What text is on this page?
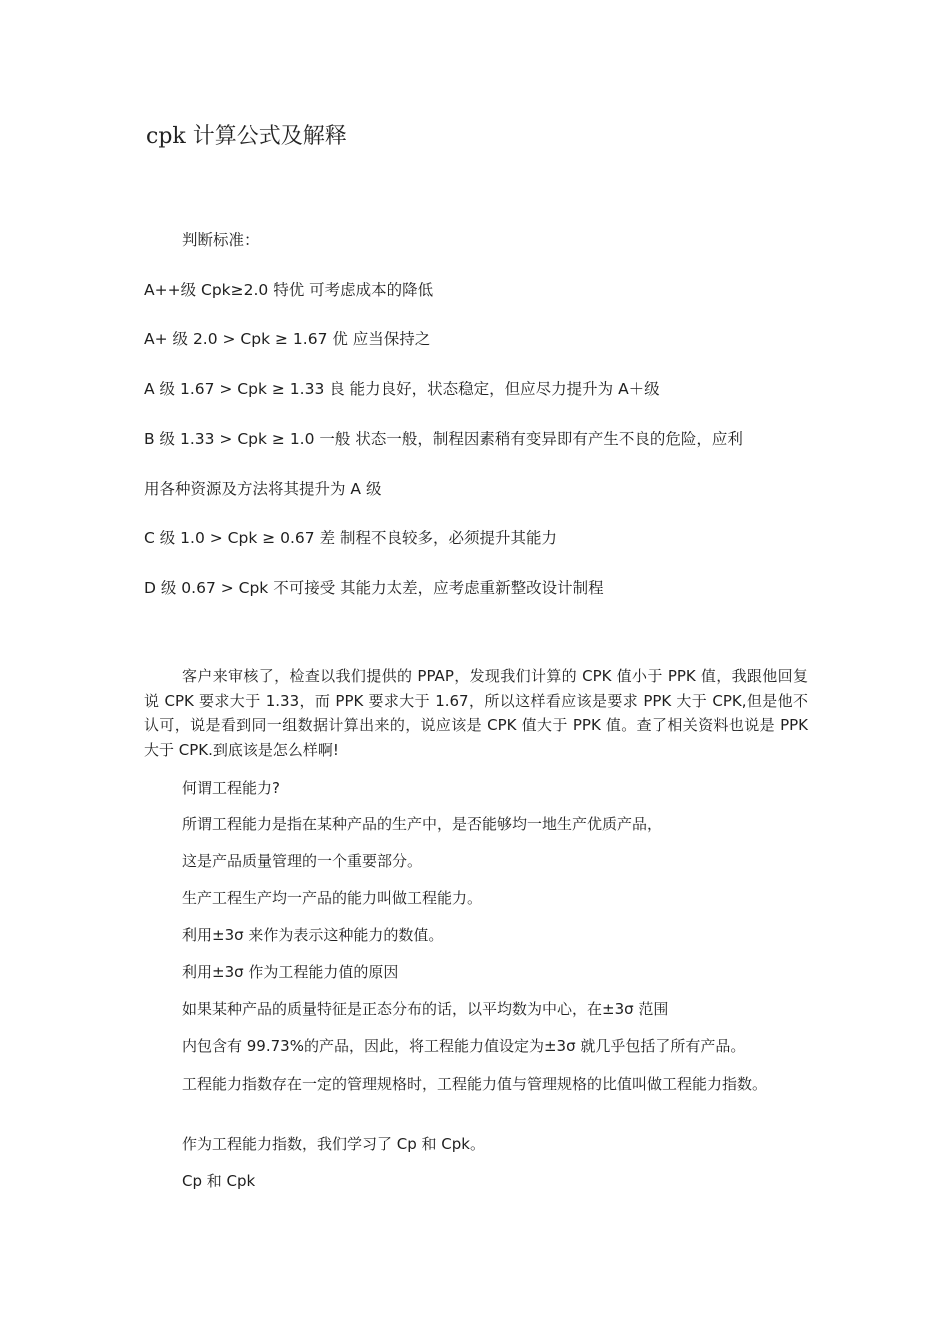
cpk 计算公式及解释
判断标准：
A++级 Cpk≥2.0 特优 可考虑成本的降低
A+ 级 2.0 > Cpk ≥ 1.67 优 应当保持之
A 级 1.67 > Cpk ≥ 1.33 良 能力良好，状态稳定，但应尽力提升为 A＋级
B 级 1.33 > Cpk ≥ 1.0 一般 状态一般，制程因素稍有变异即有产生不良的危险，应利
用各种资源及方法将其提升为 A 级
C 级 1.0 > Cpk ≥ 0.67 差 制程不良较多，必须提升其能力
D 级 0.67 > Cpk 不可接受 其能力太差，应考虑重新整改设计制程
客户来审核了，检查以我们提供的 PPAP，发现我们计算的 CPK 值小于 PPK 值，我跟他回复说 CPK 要求大于 1.33，而 PPK 要求大于 1.67，所以这样看应该是要求 PPK 大于 CPK,但是他不认可，说是看到同一组数据计算出来的，说应该是 CPK 值大于 PPK 值。查了相关资料也说是 PPK 大于 CPK.到底该是怎么样啊!
何谓工程能力?
所谓工程能力是指在某种产品的生产中，是否能够均一地生产优质产品，
这是产品质量管理的一个重要部分。
生产工程生产均一产品的能力叫做工程能力。
利用±3σ 来作为表示这种能力的数值。
利用±3σ 作为工程能力值的原因
如果某种产品的质量特征是正态分布的话，以平均数为中心，在±3σ 范围
内包含有 99.73%的产品，因此，将工程能力值设定为±3σ 就几乎包括了所有产品。
工程能力指数存在一定的管理规格时，工程能力值与管理规格的比值叫做工程能力指数。
作为工程能力指数，我们学习了 Cp 和 Cpk。
Cp 和 Cpk
